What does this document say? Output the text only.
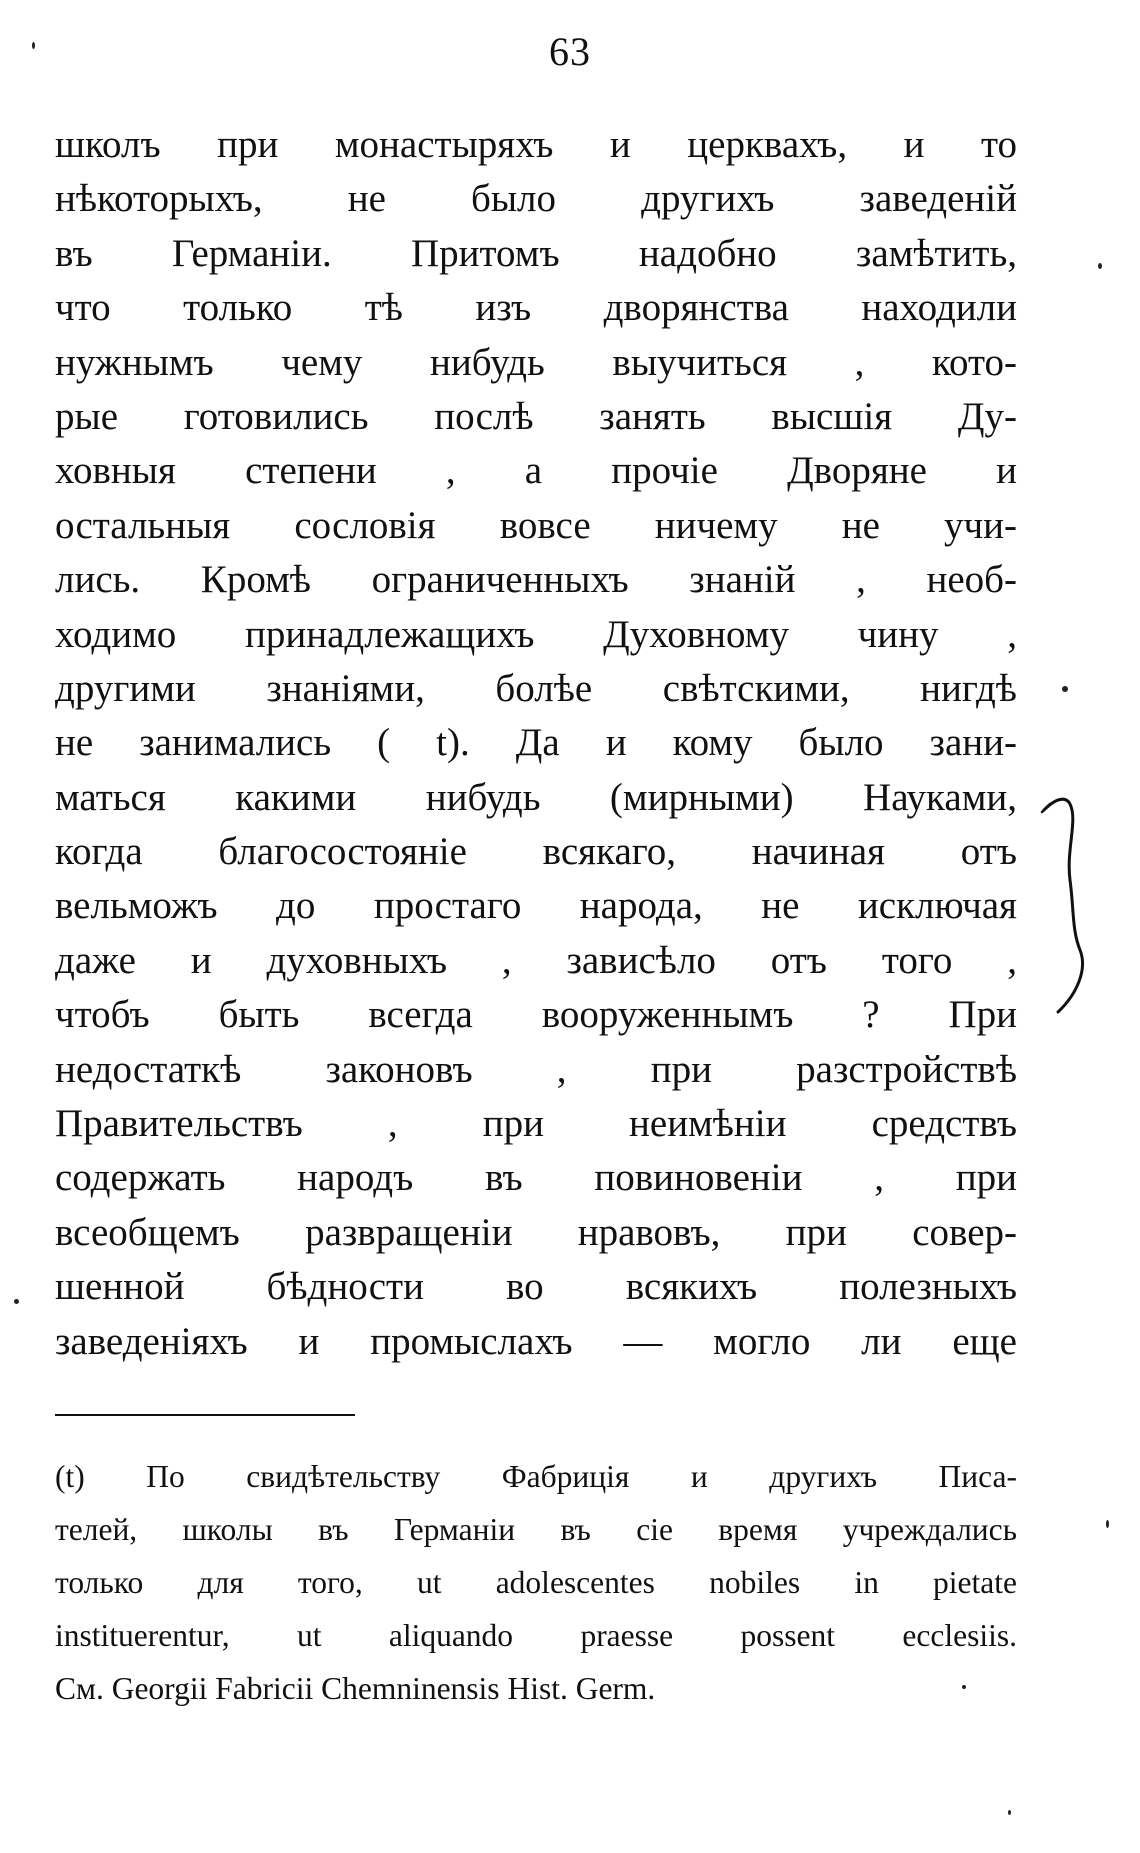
63
школъ при монастыряхъ и церквахъ, и то
нѣкоторыхъ, не было другихъ заведеній
въ Германіи. Притомъ надобно замѣтить,
что только тѣ изъ дворянства находили
нужнымъ чему нибудь выучиться , кото-
рые готовились послѣ занять высшія Ду-
ховныя степени , а прочіе Дворяне и
остальныя сословія вовсе ничему не учи-
лись. Кромѣ ограниченныхъ знаній , необ-
ходимо принадлежащихъ Духовному чину ,
другими знаніями, болѣе свѣтскими, нигдѣ
не занимались ( t). Да и кому было зани-
маться какими нибудь (мирными) Науками,
когда благосостояніе всякаго, начиная отъ
вельможъ до простаго народа, не исключая
даже и духовныхъ , зависѣло отъ того ,
чтобъ быть всегда вооруженнымъ ? При
недостаткѣ законовъ , при разстройствѣ
Правительствъ , при неимѣніи средствъ
содержать народъ въ повиновеніи , при
всеобщемъ развращеніи нравовъ, при совер-
шенной бѣдности во всякихъ полезныхъ
заведеніяхъ и промыслахъ — могло ли еще
(t) По свидѣтельству Фабриція и другихъ Писа-
телей, школы въ Германіи въ сіе время учреждались
только для того, ut adolescentes nobiles in pietate
instituerentur, ut aliquando praesse possent ecclesiis.
См. Georgii Fabricii Chemninensis Hist. Germ.
